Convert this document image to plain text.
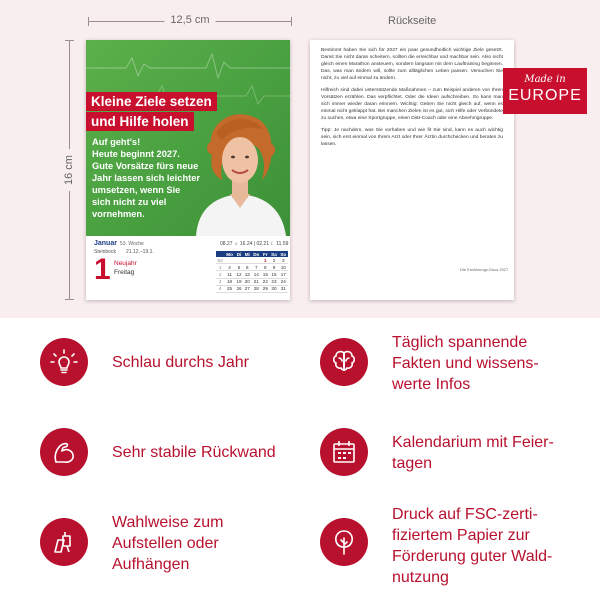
12,5 cm
16 cm
Rückseite
Kleine Ziele setzen
und Hilfe holen
Auf geht's!
Heute beginnt 2027.
Gute Vorsätze fürs neue
Jahr lassen sich leichter
umsetzen, wenn Sie
sich nicht zu viel
vornehmen.
Januar 53. Woche	08.27 ☼ 16.24 | 02.21 ☾ 11.59
Steinbock 21.12.–19.1.
1 Neujahr
Freitag
	Mo	Di	Mi	Do	Fr	Sa	So
53					1	2	3
1	4	5	6	7	8	9	10
2	11	12	13	14	15	16	17
3	18	19	20	21	22	23	24
4	25	26	27	28	29	30	31

Bestimmt haben Sie sich für 2027 ein paar gesundheitlich wichtige Ziele gesetzt. Damit Sie nicht daran scheitern, sollten die erreichbar und machbar sein. Also nicht gleich einen Marathon ansteuern, sondern langsam mit dem Lauftraining beginnen. Das, was man ändern will, sollte zum alltäglichen Leben passen. Versuchen Sie nicht, zu viel auf einmal zu ändern.

Hilfreich sind dabei unterstützende Maßnahmen – zum Beispiel anderen von Ihren Vorsätzen erzählen. Das verpflichtet. Oder die Ideen aufschreiben. So kann man sich immer wieder daran erinnern. Wichtig: Geben Sie nicht gleich auf, wenn es einmal nicht geklappt hat. Bei manchen Zielen ist es gut, sich Hilfe oder Verbündete zu suchen, etwa eine Sportgruppe, einen Diät-Coach oder eine Abnehmgruppe.

Tipp: Je nachdem, was Sie vorhaben und wie fit Sie sind, kann es auch wichtig sein, sich erst einmal von Ihrem Arzt oder Ihrer Ärztin durchchecken und beraten zu lassen.

Die Ernährungs-Docs 2027
Made in
EUROPE
Schlau durchs Jahr
Täglich spannende
Fakten und wissens-
werte Infos
Sehr stabile Rückwand
Kalendarium mit Feier-
tagen
Wahlweise zum
Aufstellen oder
Aufhängen
Druck auf FSC-zerti-
fiziertem Papier zur
Förderung guter Wald-
nutzung
